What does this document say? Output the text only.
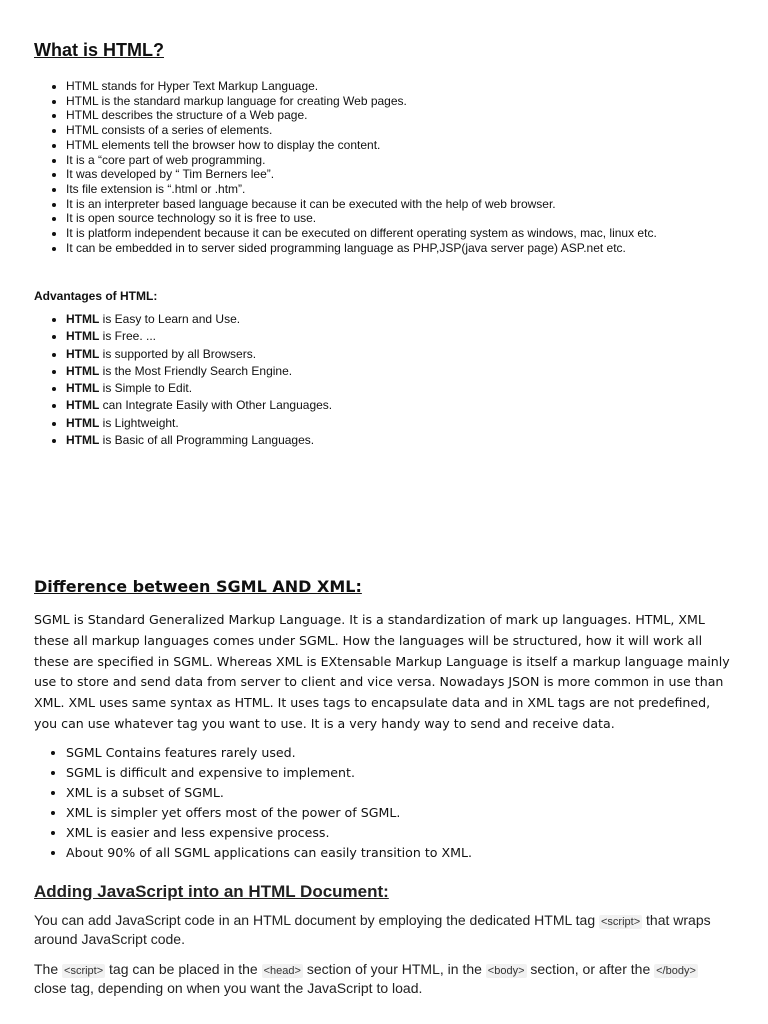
What is HTML?
• HTML stands for Hyper Text Markup Language.
• HTML is the standard markup language for creating Web pages.
• HTML describes the structure of a Web page.
• HTML consists of a series of elements.
• HTML elements tell the browser how to display the content.
• It is a “core part of web programming.
• It was developed by “ Tim Berners lee”.
• Its file extension is “.html or .htm”.
• It is an interpreter based language because it can be executed with the help of web browser.
• It is open source technology so it is free to use.
• It is platform independent because it can be executed on different operating system as windows, mac, linux etc.
• It can be embedded in to server sided programming language as PHP,JSP(java server page) ASP.net etc.
Advantages of HTML:
• HTML is Easy to Learn and Use.
• HTML is Free. ...
• HTML is supported by all Browsers.
• HTML is the Most Friendly Search Engine.
• HTML is Simple to Edit.
• HTML can Integrate Easily with Other Languages.
• HTML is Lightweight.
• HTML is Basic of all Programming Languages.
Difference between SGML AND XML:

SGML is Standard Generalized Markup Language. It is a standardization of mark up languages. HTML, XML these all markup languages comes under SGML. How the languages will be structured, how it will work all these are specified in SGML. Whereas XML is EXtensable Markup Language is itself a markup language mainly use to store and send data from server to client and vice versa. Nowadays JSON is more common in use than XML. XML uses same syntax as HTML. It uses tags to encapsulate data and in XML tags are not predefined, you can use whatever tag you want to use. It is a very handy way to send and receive data.

• SGML Contains features rarely used.
• SGML is difficult and expensive to implement.
• XML is a subset of SGML.
• XML is simpler yet offers most of the power of SGML.
• XML is easier and less expensive process.
• About 90% of all SGML applications can easily transition to XML.
Adding JavaScript into an HTML Document:

You can add JavaScript code in an HTML document by employing the dedicated HTML tag <script> that wraps around JavaScript code.

The <script> tag can be placed in the <head> section of your HTML, in the <body> section, or after the </body> close tag, depending on when you want the JavaScript to load.
